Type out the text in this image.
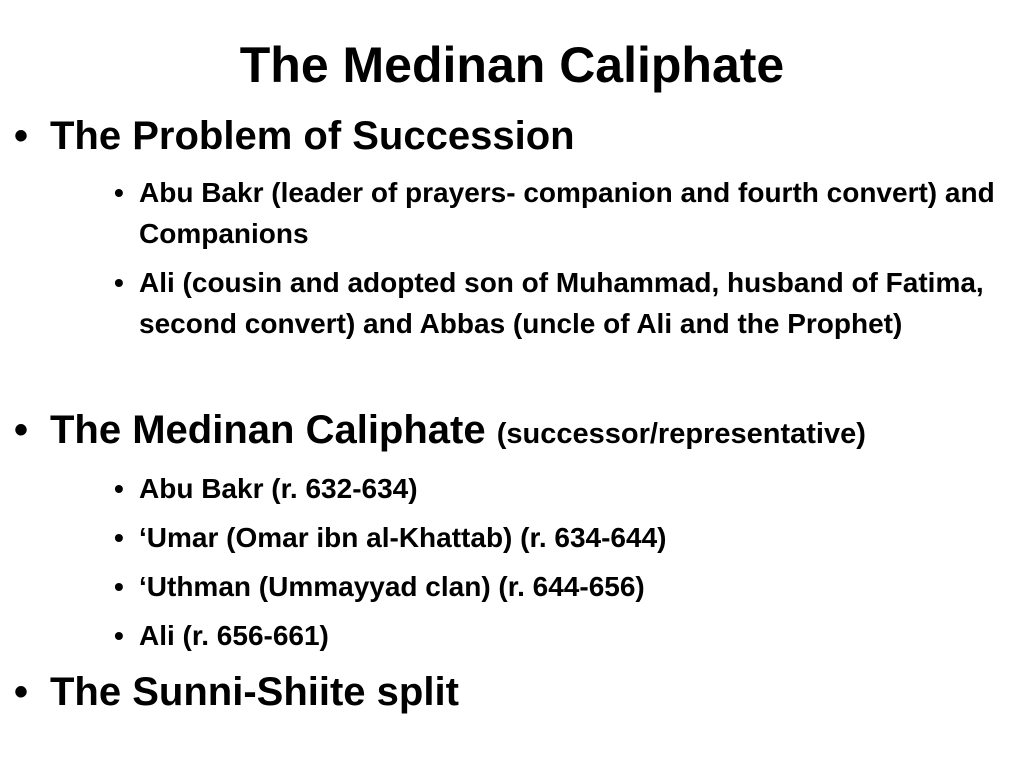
The Medinan Caliphate
• The Problem of Succession
• Abu Bakr (leader of prayers- companion and fourth convert) and Companions
• Ali (cousin and adopted son of Muhammad, husband of Fatima, second convert) and Abbas (uncle of Ali and the Prophet)
• The Medinan Caliphate (successor/representative)
• Abu Bakr (r. 632-634)
• ‘Umar (Omar ibn al-Khattab) (r. 634-644)
• ‘Uthman (Ummayyad clan) (r. 644-656)
• Ali (r. 656-661)
• The Sunni-Shiite split
